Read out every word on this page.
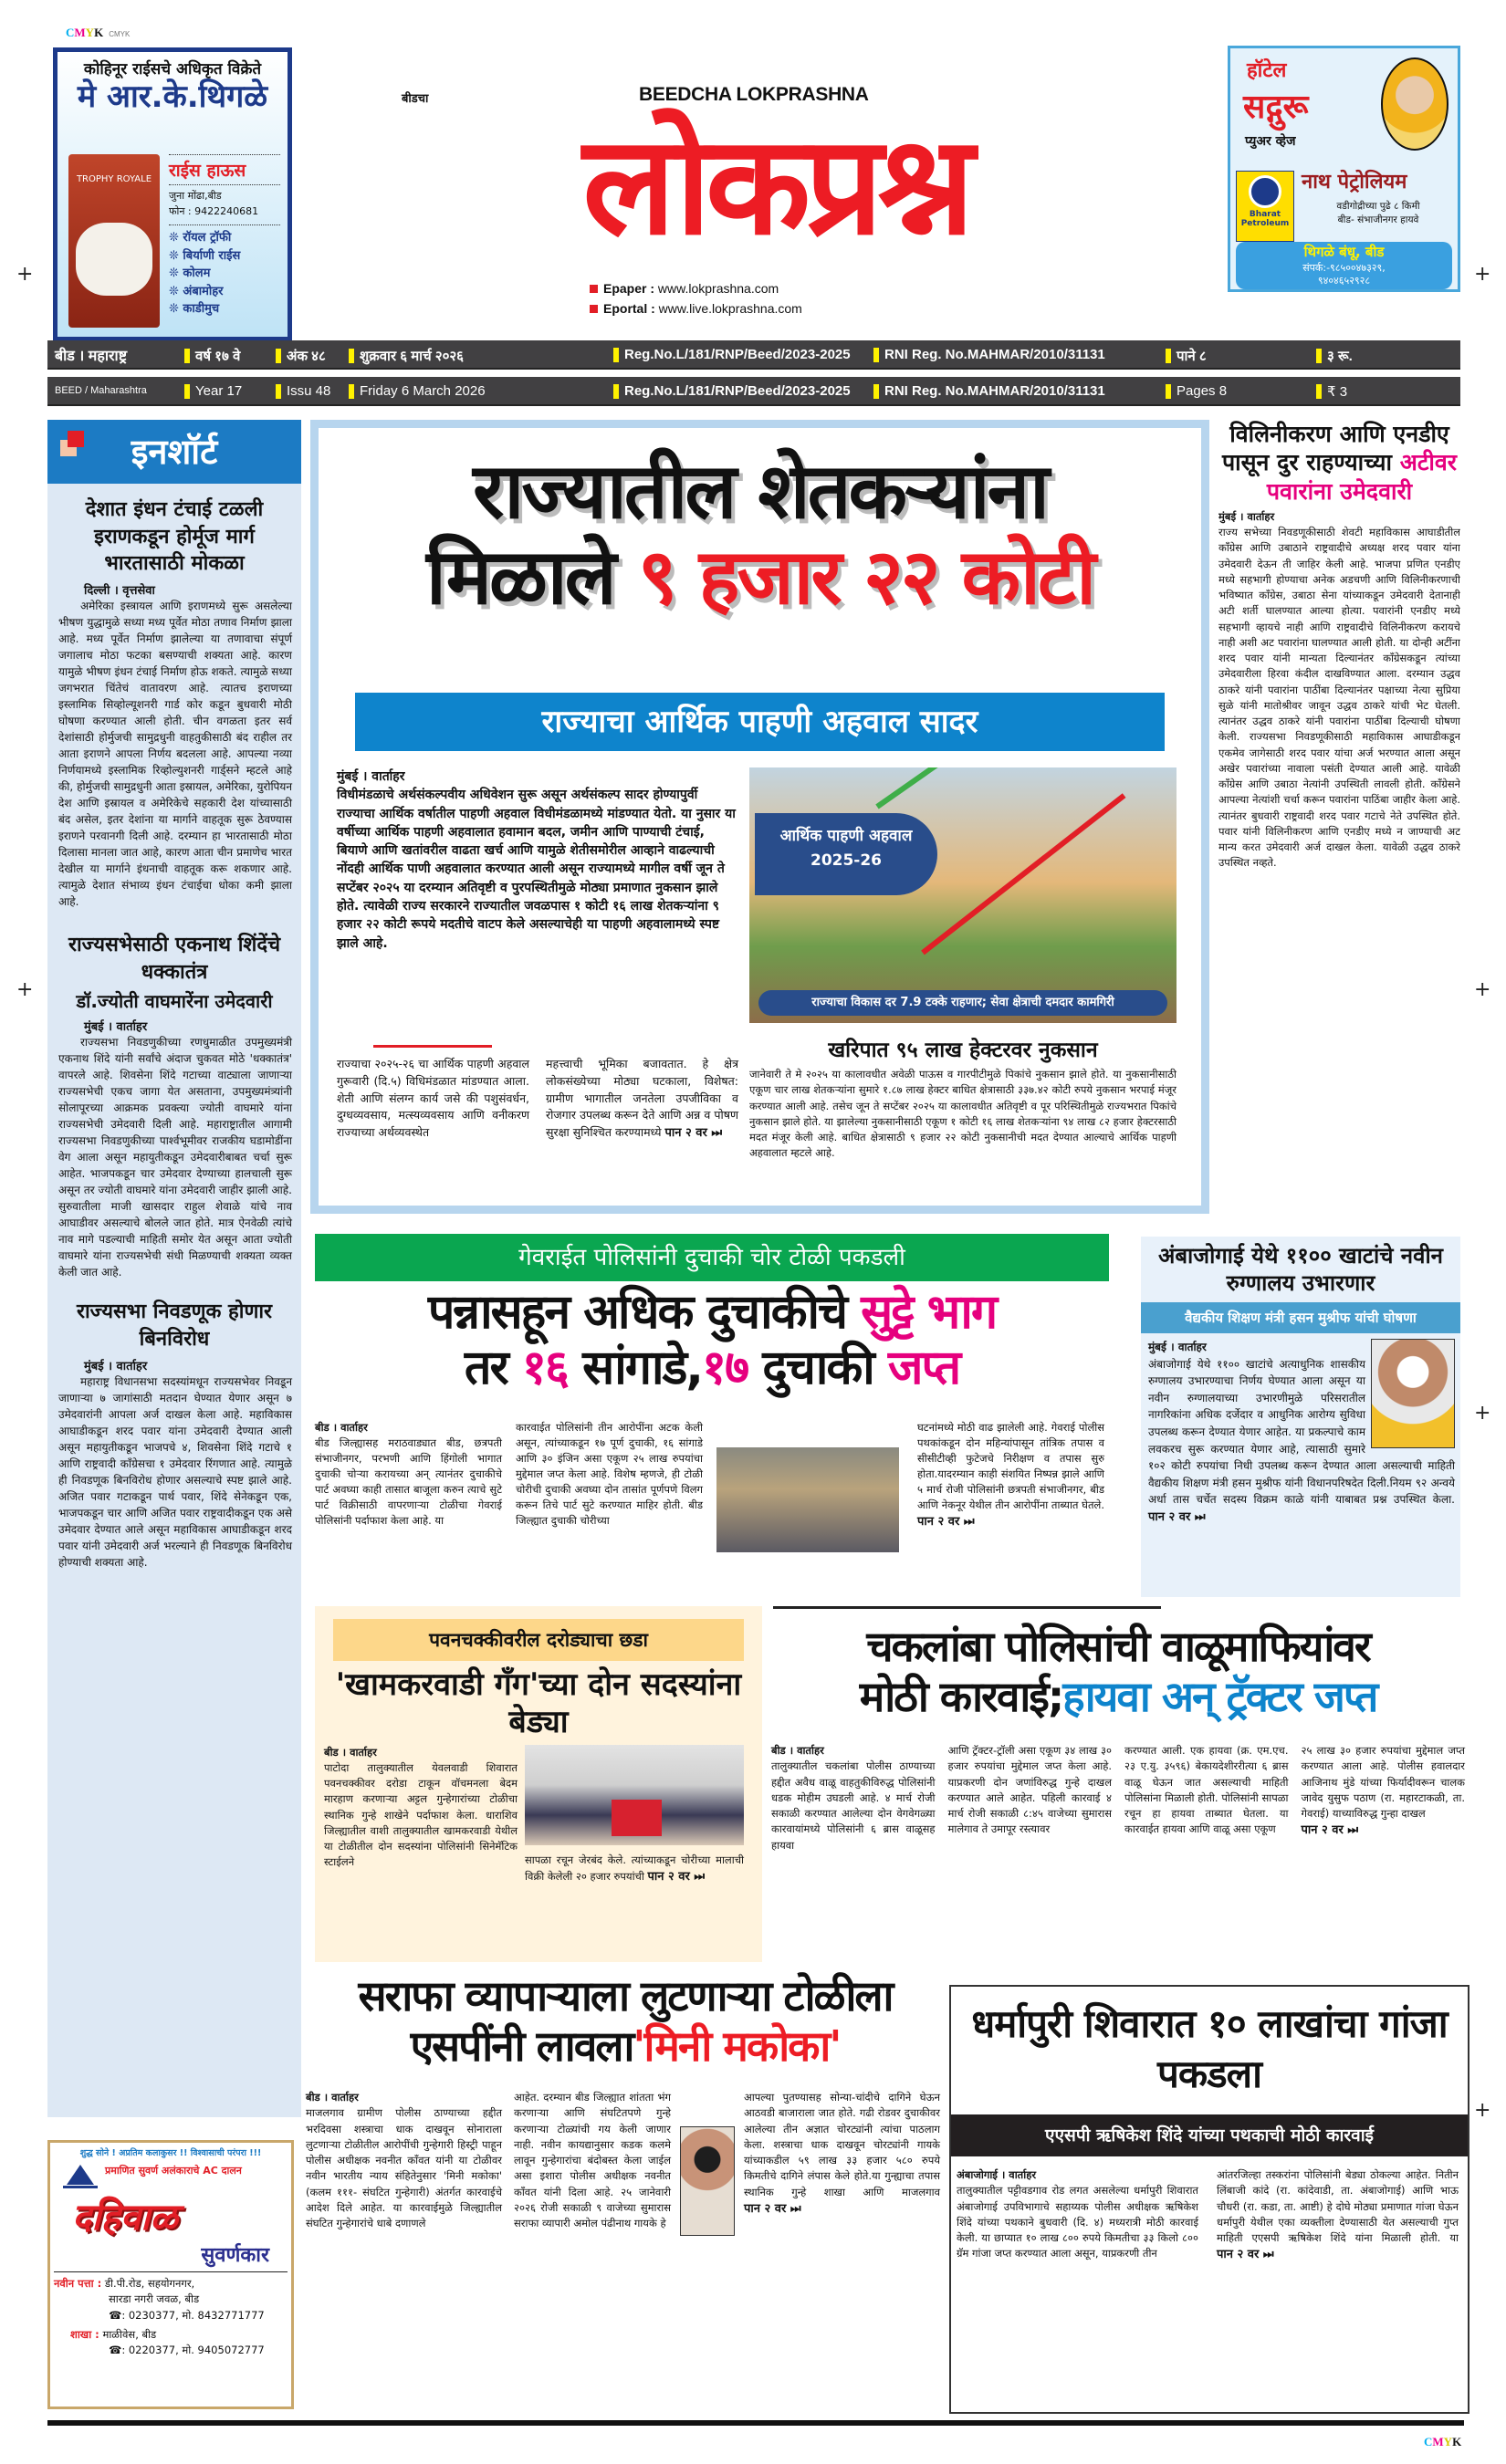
CMYK CMYK
CMYK
+	+
+	+
+
+
कोहिनूर राईसचे अधिकृत विक्रेते
मे आर.के.थिगळे
TROPHY ROYALE राईस हाऊस
जुना मोंढा,बीड
फोन : 9422240681
❊ रॉयल ट्रॉफी
❊ बिर्याणी राईस
❊ कोलम
❊ अंबामोहर
❊ काडीमुच
बीडचा	BEEDCHA LOKPRASHNA
लोकप्रश्न
Epaper : www.lokprashna.com
Eportal : www.live.lokprashna.com
हॉटेल
सद्गुरू
प्युअर व्हेज
Bharat Petroleum
नाथ पेट्रोलियम
वडीगोद्रीच्या पुढे ८ किमी
बीड- संभाजीनगर हायवे
थिगळे बंधू, बीड
संपर्क:-९८५००४७३२९,
९४०४६५२९२८
बीड । महाराष्ट्र	वर्ष १७ वे	अंक ४८ शुक्रवार ६ मार्च २०२६	Reg.No.L/181/RNP/Beed/2023-2025 RNI Reg. No.MAHMAR/2010/31131	पाने ८	३ रू.
BEED / Maharashtra	Year 17	Issu 48 Friday 6 March 2026	Reg.No.L/181/RNP/Beed/2023-2025 RNI Reg. No.MAHMAR/2010/31131	Pages 8	₹ 3
इनशॉर्ट
देशात इंधन टंचाई टळली इराणकडून होर्मूज मार्ग भारतासाठी मोकळा
दिल्ली । वृत्तसेवा

अमेरिका इस्त्रायल आणि इराणमध्ये सुरू असलेल्या भीषण युद्धामुळे सध्या मध्य पूर्वेत मोठा तणाव निर्माण झाला आहे. मध्य पूर्वेत निर्माण झालेल्या या तणावाचा संपूर्ण जगालाच मोठा फटका बसण्याची शक्यता आहे. कारण यामुळे भीषण इंधन टंचाई निर्माण होऊ शकते. त्यामुळे सध्या जगभरात चिंतेचं वातावरण आहे. त्यातच इराणच्या इस्लामिक सिव्होल्यूशनरी गार्ड कोर कडून बुधवारी मोठी घोषणा करण्यात आली होती. चीन वगळता इतर सर्व देशांसाठी होर्मुजची सामुद्रधुनी वाहतुकीसाठी बंद राहील तर आता इराणने आपला निर्णय बदलला आहे. आपल्या नव्या निर्णयामध्ये इस्लामिक रिव्होल्युशनरी गार्ड्सने म्हटले आहे की, होर्मुजची सामुद्रधुनी आता इस्रायल, अमेरिका, युरोपियन देश आणि इस्रायल व अमेरिकेचे सहकारी देश यांच्यासाठी बंद असेल, इतर देशांना या मार्गाने वाहतूक सुरू ठेवण्यास इराणने परवानगी दिली आहे. दरम्यान हा भारतासाठी मोठा दिलासा मानला जात आहे, कारण आता चीन प्रमाणेच भारत देखील या मार्गाने इंधनाची वाहतूक करू शकणार आहे. त्यामुळे देशात संभाव्य इंधन टंचाईचा धोका कमी झाला आहे.

राज्यसभेसाठी एकनाथ शिंदेंचे धक्कातंत्र
डॉ.ज्योती वाघमारेंना उमेदवारी
मुंबई । वार्ताहर

राज्यसभा निवडणुकीच्या रणधुमाळीत उपमुख्यमंत्री एकनाथ शिंदे यांनी सर्वांचे अंदाज चुकवत मोठे 'धक्कातंत्र' वापरले आहे. शिवसेना शिंदे गटाच्या वाट्याला जाणाऱ्या राज्यसभेची एकच जागा येत असताना, उपमुख्यमंत्र्यांनी सोलापूरच्या आक्रमक प्रवक्त्या ज्योती वाघमारे यांना राज्यसभेची उमेदवारी दिली आहे. महाराष्ट्रातील आगामी राज्यसभा निवडणुकीच्या पार्श्वभूमीवर राजकीय घडामोडींना वेग आला असून महायुतीकडून उमेदवारीबाबत चर्चा सुरू आहेत. भाजपकडून चार उमेदवार देण्याच्या हालचाली सुरू असून तर ज्योती वाघमारे यांना उमेदवारी जाहीर झाली आहे. सुरुवातीला माजी खासदार राहुल शेवाळे यांचे नाव आघाडीवर असल्याचे बोलले जात होते. मात्र ऐनवेळी त्यांचे नाव मागे पडल्याची माहिती समोर येत असून आता ज्योती वाघमारे यांना राज्यसभेची संधी मिळण्याची शक्यता व्यक्त केली जात आहे.

राज्यसभा निवडणूक होणार बिनविरोध
मुंबई । वार्ताहर

महाराष्ट्र विधानसभा सदस्यांमधून राज्यसभेवर निवडून जाणाऱ्या ७ जागांसाठी मतदान घेण्यात येणार असून ७ उमेदवारांनी आपला अर्ज दाखल केला आहे. महाविकास आघाडीकडून शरद पवार यांना उमेदवारी देण्यात आली असून महायुतीकडून भाजपचे ४, शिवसेना शिंदे गटाचे १ आणि राष्ट्रवादी काँग्रेसचा १ उमेदवार रिंगणात आहे. त्यामुळे ही निवडणूक बिनविरोध होणार असल्याचे स्पष्ट झाले आहे. अजित पवार गटाकडून पार्थ पवार, शिंदे सेनेकडून एक, भाजपकडून चार आणि अजित पवार राष्ट्रवादीकडून एक असे उमेदवार देण्यात आले असून महाविकास आघाडीकडून शरद पवार यांनी उमेदवारी अर्ज भरल्याने ही निवडणूक बिनविरोध होण्याची शक्यता आहे.

राज्यातील शेतकऱ्यांना
मिळाले ९ हजार २२ कोटी
राज्याचा आर्थिक पाहणी अहवाल सादर
मुंबई । वार्ताहर
विधीमंडळाचे अर्थसंकल्पवीय अधिवेशन सुरू असून अर्थसंकल्प सादर होण्यापुर्वी राज्याचा आर्थिक वर्षातील पाहणी अहवाल विधीमंडळामध्ये मांडण्यात येतो. या नुसार या वर्षीच्या आर्थिक पाहणी अहवालात हवामान बदल, जमीन आणि पाण्याची टंचाई, बियाणे आणि खतांवरील वाढता खर्च आणि यामुळे शेतीसमोरील आव्हाने वाढल्याची नोंदही आर्थिक पाणी अहवालात करण्यात आली असून राज्यामध्ये मागील वर्षी जून ते सप्टेंबर २०२५ या दरम्यान अतिवृष्टी व पुरपस्थितीमुळे मोठ्या प्रमाणात नुकसान झाले होते. त्यावेळी राज्य सरकारने राज्यातील जवळपास १ कोटी १६ लाख शेतकऱ्यांना ९ हजार २२ कोटी रूपये मदतीचे वाटप केले असल्याचेही या पाहणी अहवालामध्ये स्पष्ट झाले आहे.
राज्याचा २०२५-२६ चा आर्थिक पाहणी अहवाल गुरूवारी (दि.५) विधिमंडळात मांडण्यात आला. शेती आणि संलग्न कार्य जसे की पशुसंवर्धन, दुग्धव्यवसाय, मत्स्यव्यवसाय आणि वनीकरण राज्याच्या अर्थव्यवस्थेत
महत्त्वाची भूमिका बजावतात. हे क्षेत्र लोकसंख्येच्या मोठ्या घटकाला, विशेषत: ग्रामीण भागातील जनतेला उपजीविका व रोजगार उपलब्ध करून देते आणि अन्न व पोषण सुरक्षा सुनिश्चित करण्यामध्ये पान २ वर ⏭
आर्थिक पाहणी अहवाल
2025-26
राज्याचा विकास दर 7.9 टक्के राहणार; सेवा क्षेत्राची दमदार कामगिरी
खरिपात ९५ लाख हेक्टरवर नुकसान

जानेवारी ते मे २०२५ या कालावधीत अवेळी पाऊस व गारपीटीमुळे पिकांचे नुकसान झाले होते. या नुकसानीसाठी एकूण चार लाख शेतकऱ्यांना सुमारे १.८७ लाख हेक्टर बाधित क्षेत्रासाठी ३३७.४२ कोटी रुपये नुकसान भरपाई मंजूर करण्यात आली आहे. तसेच जून ते सप्टेंबर २०२५ या कालावधीत अतिवृष्टी व पूर परिस्थितीमुळे राज्यभरात पिकांचे नुकसान झाले होते. या झालेल्या नुकसानीसाठी एकूण १ कोटी १६ लाख शेतकऱ्यांना ९४ लाख ८२ हजार हेक्टरसाठी मदत मंजूर केली आहे. बाधित क्षेत्रासाठी ९ हजार २२ कोटी नुकसानीची मदत देण्यात आल्याचे आर्थिक पाहणी अहवालात म्हटले आहे.

विलिनीकरण आणि एनडीए पासून दुर राहण्याच्या अटीवर पवारांना उमेदवारी
मुंबई । वार्ताहर
राज्य सभेच्या निवडणूकीसाठी शेवटी महाविकास आघाडीतील काँग्रेस आणि उबाठाने राष्ट्रवादीचे अध्यक्ष शरद पवार यांना उमेदवारी देऊन ती जाहिर केली आहे. भाजपा प्रणित एनडीए मध्ये सहभागी होण्याचा अनेक अडचणी आणि विलिनीकरणाची भविष्यात काँग्रेस, उबाठा सेना यांच्याकडून उमेदवारी देतानाही अटी शर्ती घालण्यात आल्या होत्या. पवारांनी एनडीए मध्ये सहभागी व्हायचे नाही आणि राष्ट्रवादीचे विलिनीकरण करायचे नाही अशी अट पवारांना घालण्यात आली होती. या दोन्ही अटींना शरद पवार यांनी मान्यता दिल्यानंतर काँग्रेसकडून त्यांच्या उमेदवारीला हिरवा कंदील दाखविण्यात आला. दरम्यान उद्धव ठाकरे यांनी पवारांना पाठींबा दिल्यानंतर पक्षाच्या नेत्या सुप्रिया सुळे यांनी मातोश्रीवर जावून उद्धव ठाकरे यांची भेट घेतली. त्यानंतर उद्धव ठाकरे यांनी पवारांना पाठींबा दिल्याची घोषणा केली. राज्यसभा निवडणूकीसाठी महाविकास आघाडीकडून एकमेव जागेसाठी शरद पवार यांचा अर्ज भरण्यात आला असून अखेर पवारांच्या नावाला पसंती देण्यात आली आहे. यावेळी काँग्रेस आणि उबाठा नेत्यांनी उपस्थिती लावली होती. काँग्रेसने आपल्या नेत्यांशी चर्चा करून पवारांना पाठिंबा जाहीर केला आहे. त्यानंतर बुधवारी राष्ट्रवादी शरद पवार गटाचे नेते उपस्थित होते. पवार यांनी विलिनीकरण आणि एनडीए मध्ये न जाण्याची अट मान्य करत उमेदवारी अर्ज दाखल केला. यावेळी उद्धव ठाकरे उपस्थित नव्हते.
गेवराईत पोलिसांनी दुचाकी चोर टोळी पकडली
पन्नासहून अधिक दुचाकीचे सुट्टे भाग
तर १६ सांगाडे,१७ दुचाकी जप्त
बीड । वार्ताहर
बीड जिल्ह्यासह मराठवाड्यात बीड, छत्रपती संभाजीनगर, परभणी आणि हिंगोली भागात दुचाकी चोऱ्या करायच्या अन् त्यानंतर दुचाकीचे पार्ट अवघ्या काही तासात बाजूला करुन त्याचे सुटे पार्ट विक्रीसाठी वापरणाऱ्या टोळीचा गेवराई पोलिसांनी पर्दाफाश केला आहे. या
कारवाईत पोलिसांनी तीन आरोपींना अटक केली असून, त्यांच्याकडून १७ पूर्ण दुचाकी, १६ सांगाडे आणि ३० इंजिन असा एकूण २५ लाख रुपयांचा मुद्देमाल जप्त केला आहे. विशेष म्हणजे, ही टोळी चोरीची दुचाकी अवघ्या दोन तासांत पूर्णपणे विलग करून तिचे पार्ट सुटे करण्यात माहिर होती. बीड जिल्ह्यात दुचाकी चोरीच्या
घटनांमध्ये मोठी वाढ झालेली आहे. गेवराई पोलीस पथकांकडून दोन महिन्यांपासून तांत्रिक तपास व सीसीटीव्ही फुटेजचे निरीक्षण व तपास सुरु होता.यादरम्यान काही संशयित निष्पन्न झाले आणि ५ मार्च रोजी पोलिसांनी छत्रपती संभाजीनगर, बीड आणि नेकनूर येथील तीन आरोपींना ताब्यात घेतले. पान २ वर ⏭
अंबाजोगाई येथे ११०० खाटांचे नवीन रुग्णालय उभारणार
वैद्यकीय शिक्षण मंत्री हसन मुश्रीफ यांची घोषणा
मुंबई । वार्ताहर
अंबाजोगाई येथे ११०० खाटांचे अत्याधुनिक शासकीय रुग्णालय उभारण्याचा निर्णय घेण्यात आला असून या नवीन रुग्णालयाच्या उभारणीमुळे परिसरातील नागरिकांना अधिक दर्जेदार व आधुनिक आरोग्य सुविधा उपलब्ध करून देण्यात येणार आहेत. या प्रकल्पाचे काम लवकरच सुरू करण्यात येणार आहे, त्यासाठी सुमारे १०२ कोटी रुपयांचा निधी उपलब्ध करून देण्यात आला असल्याची माहिती वैद्यकीय शिक्षण मंत्री हसन मुश्रीफ यांनी विधानपरिषदेत दिली.नियम ९२ अन्वये अर्धा तास चर्चेत सदस्य विक्रम काळे यांनी याबाबत प्रश्न उपस्थित केला. पान २ वर ⏭
पवनचक्कीवरील दरोड्याचा छडा
'खामकरवाडी गँग'च्या दोन सदस्यांना बेड्या
बीड । वार्ताहर
पाटोदा तालुक्यातील येवलवाडी शिवारात पवनचक्कीवर दरोडा टाकून वॉचमनला बेदम मारहाण करणाऱ्या अट्टल गुन्हेगारांच्या टोळीचा स्थानिक गुन्हे शाखेने पर्दाफाश केला. धाराशिव जिल्ह्यातील वाशी तालुक्यातील खामकरवाडी येथील या टोळीतील दोन सदस्यांना पोलिसांनी सिनेमॅटिक स्टाईलने	सापळा रचून जेरबंद केले. त्यांच्याकडून चोरीच्या मालाची विक्री केलेली २० हजार रुपयांची पान २ वर ⏭
चकलांबा पोलिसांची वाळूमाफियांवर
मोठी कारवाई;हायवा अन् ट्रॅक्टर जप्त
बीड । वार्ताहर
तालुक्यातील चकलांबा पोलीस ठाण्याच्या हद्दीत अवैध वाळू वाहतुकीविरुद्ध पोलिसांनी धडक मोहीम उघडली आहे. ४ मार्च रोजी सकाळी करण्यात आलेल्या दोन वेगवेगळ्या कारवायांमध्ये पोलिसांनी ६ ब्रास वाळूसह हायवा
आणि ट्रॅक्टर-ट्रॉली असा एकूण ३४ लाख ३० हजार रुपयांचा मुद्देमाल जप्त केला आहे. याप्रकरणी दोन जणांविरुद्ध गुन्हे दाखल करण्यात आले आहेत. पहिली कारवाई ४ मार्च रोजी सकाळी ८:४५ वाजेच्या सुमारास मालेगाव ते उमापूर रस्त्यावर
करण्यात आली. एक हायवा (क्र. एम.एच. २३ ए.यु. ३५९६) बेकायदेशीररीत्या ६ ब्रास वाळू घेऊन जात असल्याची माहिती पोलिसांना मिळाली होती. पोलिसांनी सापळा रचून हा हायवा ताब्यात घेतला. या कारवाईत हायवा आणि वाळू असा एकूण
२५ लाख ३० हजार रुपयांचा मुद्देमाल जप्त करण्यात आला आहे. पोलीस हवालदार आजिनाथ मुंडे यांच्या फिर्यादीवरून चालक जावेद युसुफ पठाण (रा. महारटाकळी, ता. गेवराई) याच्याविरुद्ध गुन्हा दाखल
पान २ वर ⏭
सराफा व्यापाऱ्याला लुटणाऱ्या टोळीला
एसपींनी लावला'मिनी मकोका'
बीड । वार्ताहर
माजलगाव ग्रामीण पोलीस ठाण्याच्या हद्दीत भरदिवसा शस्त्राचा धाक दाखवून सोनाराला लुटणाऱ्या टोळीतील आरोपींची गुन्हेगारी हिस्ट्री पाहून पोलीस अधीक्षक नवनीत काँवत यांनी या टोळीवर नवीन भारतीय न्याय संहितेनुसार 'मिनी मकोका' (कलम १११- संघटित गुन्हेगारी) अंतर्गत कारवाईचे आदेश दिले आहेत. या कारवाईमुळे जिल्ह्यातील संघटित गुन्हेगारांचे धाबे दणाणले
आहेत. दरम्यान बीड जिल्ह्यात शांतता भंग करणाऱ्या आणि संघटितपणे गुन्हे करणाऱ्या टोळ्यांची गय केली जाणार नाही. नवीन कायद्यानुसार कडक कलमे लावून गुन्हेगारांचा बंदोबस्त केला जाईल असा इशारा पोलीस अधीक्षक नवनीत काँवत यांनी दिला आहे. २५ जानेवारी २०२६ रोजी सकाळी ९ वाजेच्या सुमारास सराफा व्यापारी अमोल पंढीनाथ गायके हे
आपल्या पुतण्यासह सोन्या-चांदीचे दागिने घेऊन आठवडी बाजाराला जात होते. गढी रोडवर दुचाकीवर आलेल्या तीन अज्ञात चोरट्यांनी त्यांचा पाठलाग केला. शस्त्राचा धाक दाखवून चोरट्यांनी गायके यांच्याकडील ५९ लाख ३३ हजार ५८० रुपये किमतीचे दागिने लंपास केले होते.या गुन्ह्याचा तपास स्थानिक गुन्हे शाखा आणि माजलगाव पान २ वर ⏭
धर्मापुरी शिवारात १० लाखांचा गांजा पकडला
एएसपी ऋषिकेश शिंदे यांच्या पथकाची मोठी कारवाई
अंबाजोगाई । वार्ताहर
तालुक्यातील पट्टीवडगाव रोड लगत असलेल्या धर्मापुरी शिवारात अंबाजोगाई उपविभागाचे सहाय्यक पोलीस अधीक्षक ऋषिकेश शिंदे यांच्या पथकाने बुधवारी (दि. ४) मध्यरात्री मोठी कारवाई केली. या छाप्यात १० लाख ८०० रुपये किमतीचा ३३ किलो ८०० ग्रॅम गांजा जप्त करण्यात आला असून, याप्रकरणी तीन
आंतरजिल्हा तस्करांना पोलिसांनी बेड्या ठोकल्या आहेत. नितीन लिंबाजी कांदे (रा. कांदेवाडी, ता. अंबाजोगाई) आणि भाऊ चौधरी (रा. कडा, ता. आष्टी) हे दोघे मोठ्या प्रमाणात गांजा घेऊन धर्मापुरी येथील एका व्यक्तीला देण्यासाठी येत असल्याची गुप्त माहिती एएसपी ऋषिकेश शिंदे यांना मिळाली होती. या पान २ वर ⏭
शुद्ध सोने ! अप्रतिम कलाकुसर !! विश्वासाची परंपरा !!!
प्रमाणित सुवर्ण अलंकाराचे AC दालन
दहिवाळ
सुवर्णकार
नवीन पत्ता : डी.पी.रोड, सहयोगनगर,
सारडा नगरी जवळ, बीड
☎: 0230377, मो. 8432771777
शाखा : माळीवेस, बीड
☎: 0220377, मो. 9405072777
